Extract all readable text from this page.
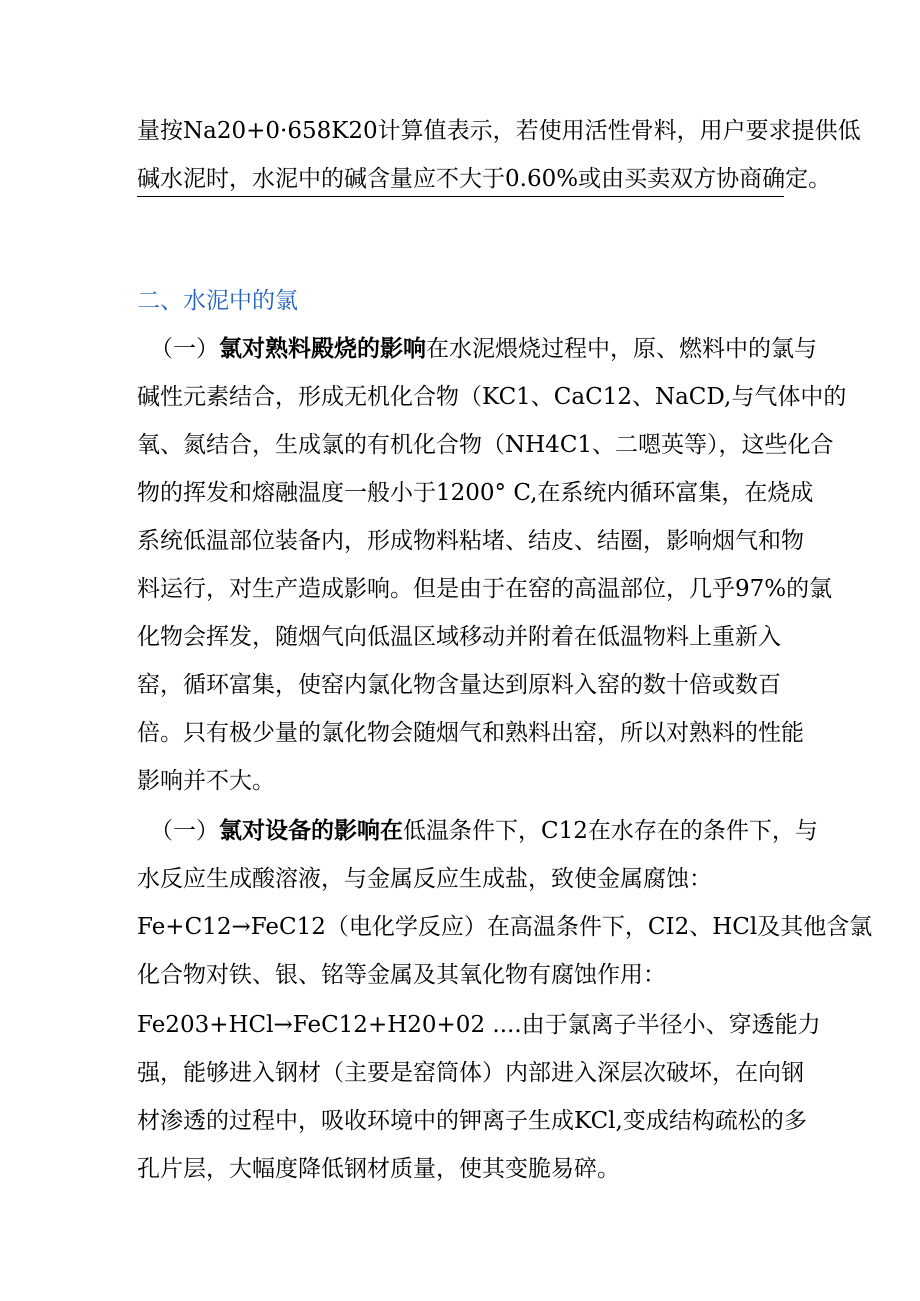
量按Na20+0·658K20计算值表示，若使用活性骨料，用户要求提供低
碱水泥时，水泥中的碱含量应不大于0.60%或由买卖双方协商确定。
二、水泥中的氯
（一）氯对熟料殿烧的影响在水泥煨烧过程中，原、燃料中的氯与
碱性元素结合，形成无机化合物（KC1、CaC12、NaCD,与气体中的
氧、氮结合，生成氯的有机化合物（NH4C1、二嗯英等），这些化合
物的挥发和熔融温度一般小于1200° C,在系统内循环富集，在烧成
系统低温部位装备内，形成物料粘堵、结皮、结圈，影响烟气和物
料运行，对生产造成影响。但是由于在窑的高温部位，几乎97%的氯
化物会挥发，随烟气向低温区域移动并附着在低温物料上重新入
窑，循环富集，使窑内氯化物含量达到原料入窑的数十倍或数百
倍。只有极少量的氯化物会随烟气和熟料出窑，所以对熟料的性能
影响并不大。
（一）氯对设备的影响在低温条件下，C12在水存在的条件下，与
水反应生成酸溶液，与金属反应生成盐，致使金属腐蚀：
Fe+C12→FeC12（电化学反应）在高温条件下，CI2、HCl及其他含氯
化合物对铁、银、铭等金属及其氧化物有腐蚀作用：
Fe203+HCl→FeC12+H20+02 ....由于氯离子半径小、穿透能力
强，能够进入钢材（主要是窑筒体）内部进入深层次破坏，在向钢
材渗透的过程中，吸收环境中的钾离子生成KCl,变成结构疏松的多
孔片层，大幅度降低钢材质量，使其变脆易碎。
